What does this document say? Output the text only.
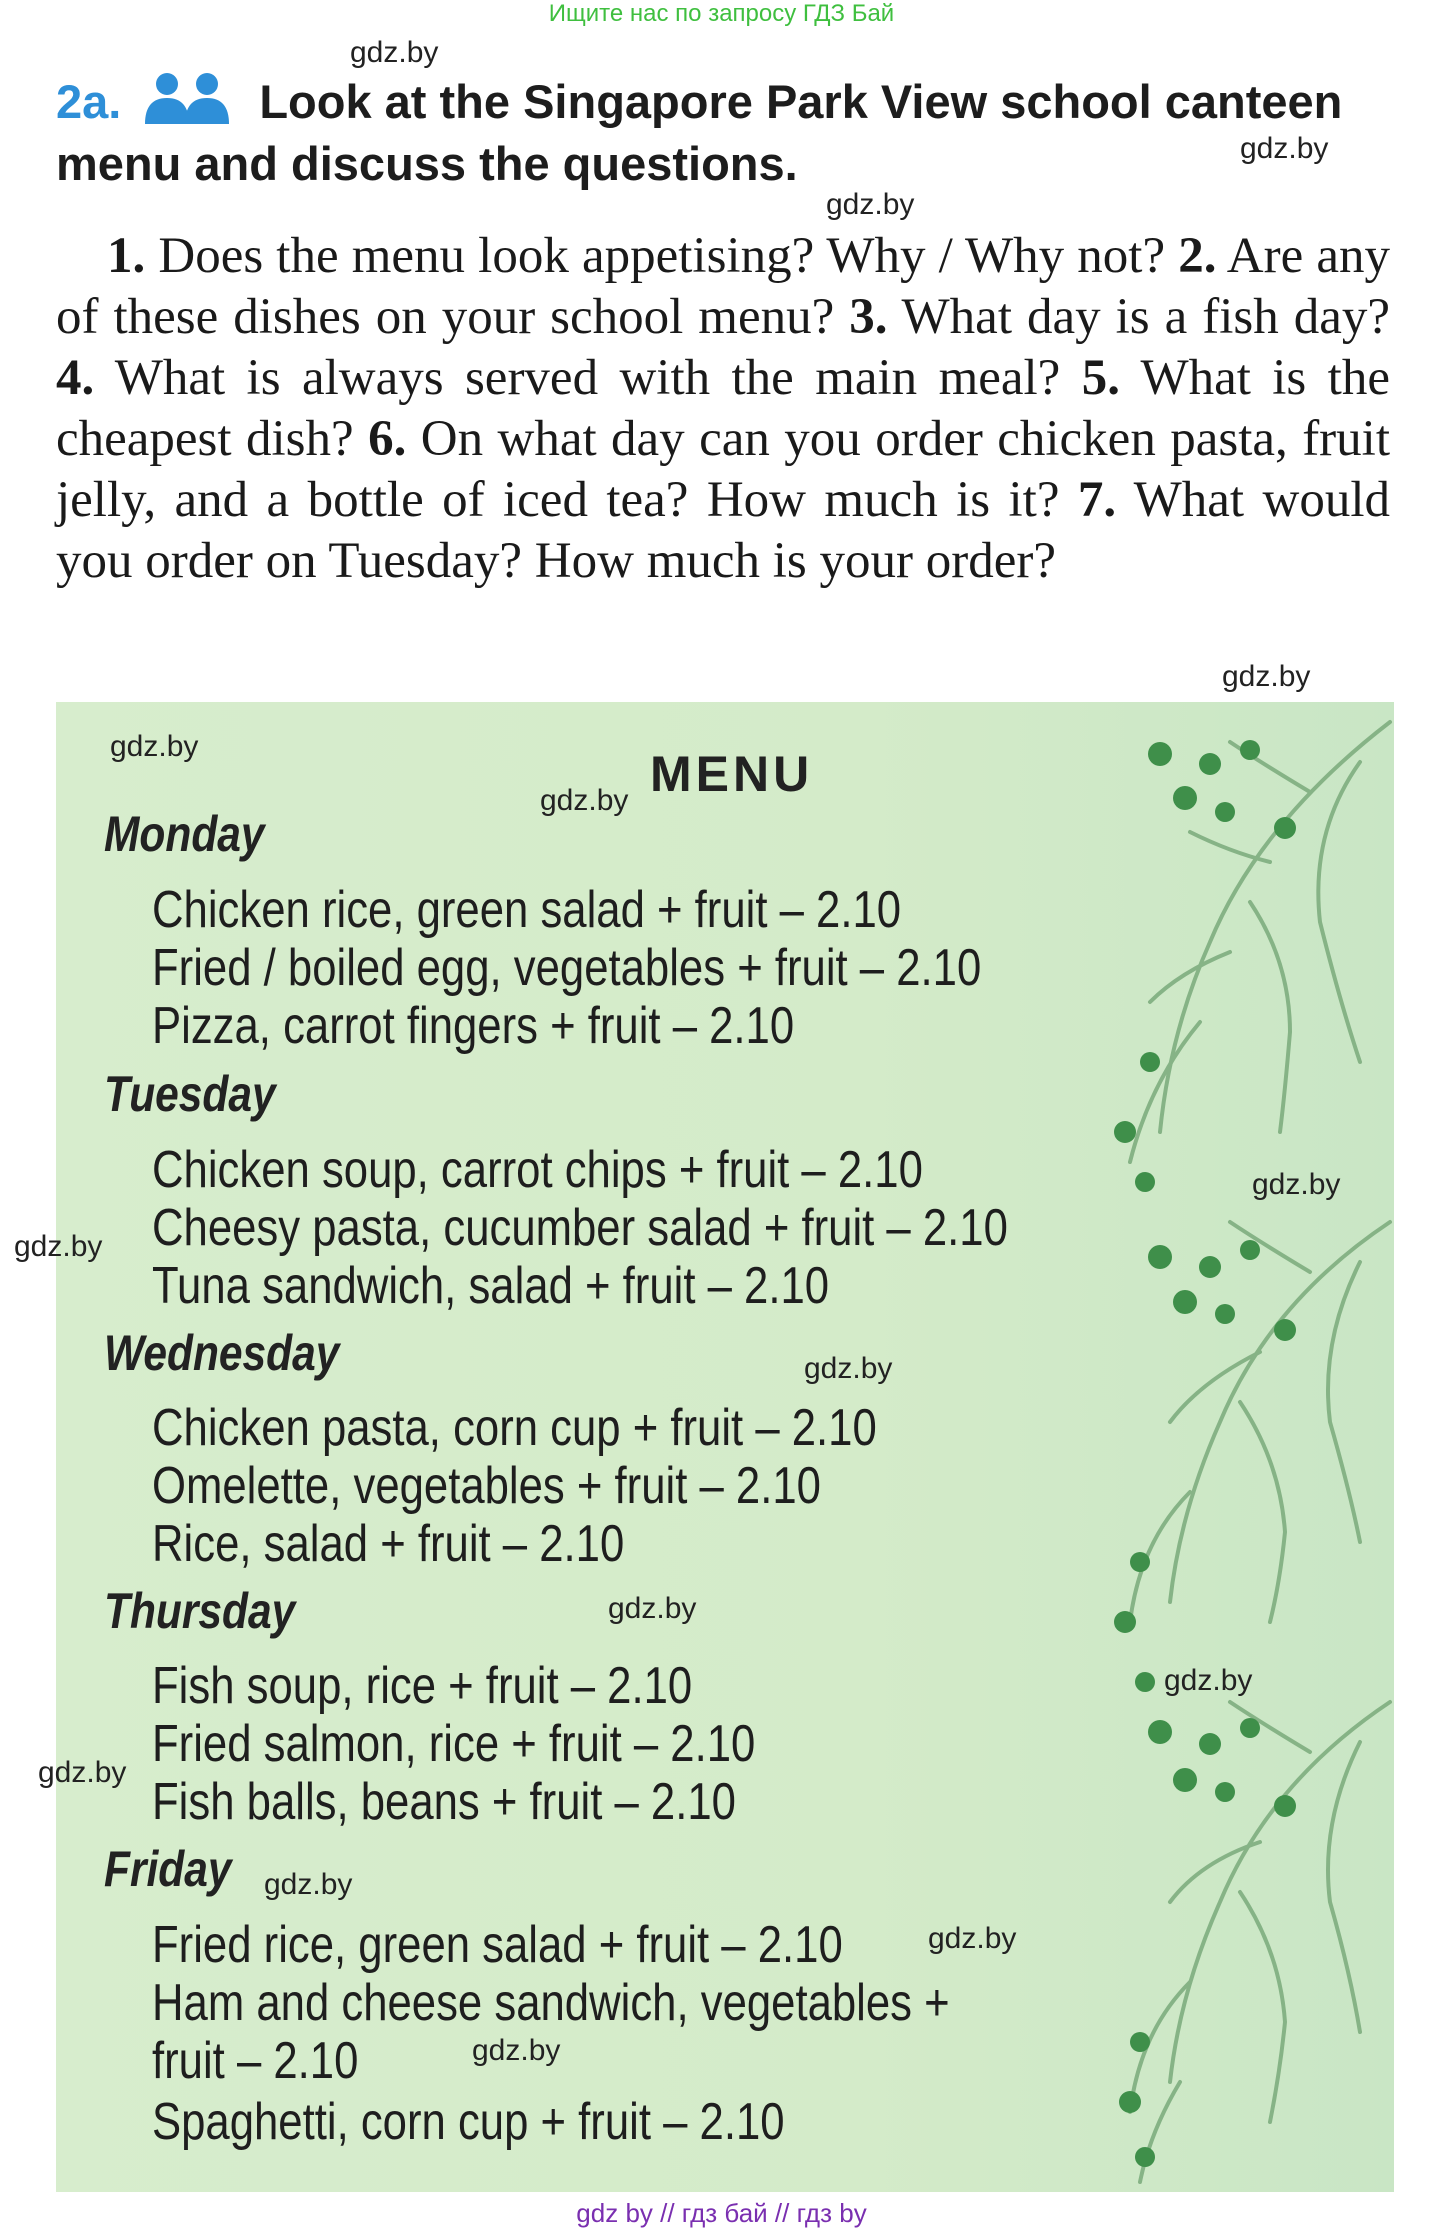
Ищите нас по запросу ГДЗ Бай
gdz.by
gdz.by
gdz.by
gdz.by
2a.	Look at the Singapore Park View school canteen menu and discuss the questions.
 1. Does the menu look appetising? Why / Why not? 2. Are any of these dishes on your school menu? 3. What day is a fish day? 4. What is always served with the main meal? 5. What is the cheapest dish? 6. On what day can you order chicken pasta, fruit jelly, and a bottle of iced tea? How much is it? 7. What would you order on Tuesday? How much is your order?
MENU
Monday
Chicken rice, green salad + fruit – 2.10
Fried / boiled egg, vegetables + fruit – 2.10
Pizza, carrot fingers + fruit – 2.10
Tuesday
Chicken soup, carrot chips + fruit – 2.10
Cheesy pasta, cucumber salad + fruit – 2.10
Tuna sandwich, salad + fruit – 2.10
Wednesday
Chicken pasta, corn cup + fruit – 2.10
Omelette, vegetables + fruit – 2.10
Rice, salad + fruit – 2.10
Thursday
Fish soup, rice + fruit – 2.10
Fried salmon, rice + fruit – 2.10
Fish balls, beans + fruit – 2.10
Friday
Fried rice, green salad + fruit – 2.10
Ham and cheese sandwich, vegetables +
fruit – 2.10
Spaghetti, corn cup + fruit – 2.10
gdz.by
gdz.by
gdz.by
gdz.by
gdz.by
gdz.by
gdz.by
gdz.by
gdz.by
gdz.by
gdz.by
gdz by // гдз бай // гдз by
